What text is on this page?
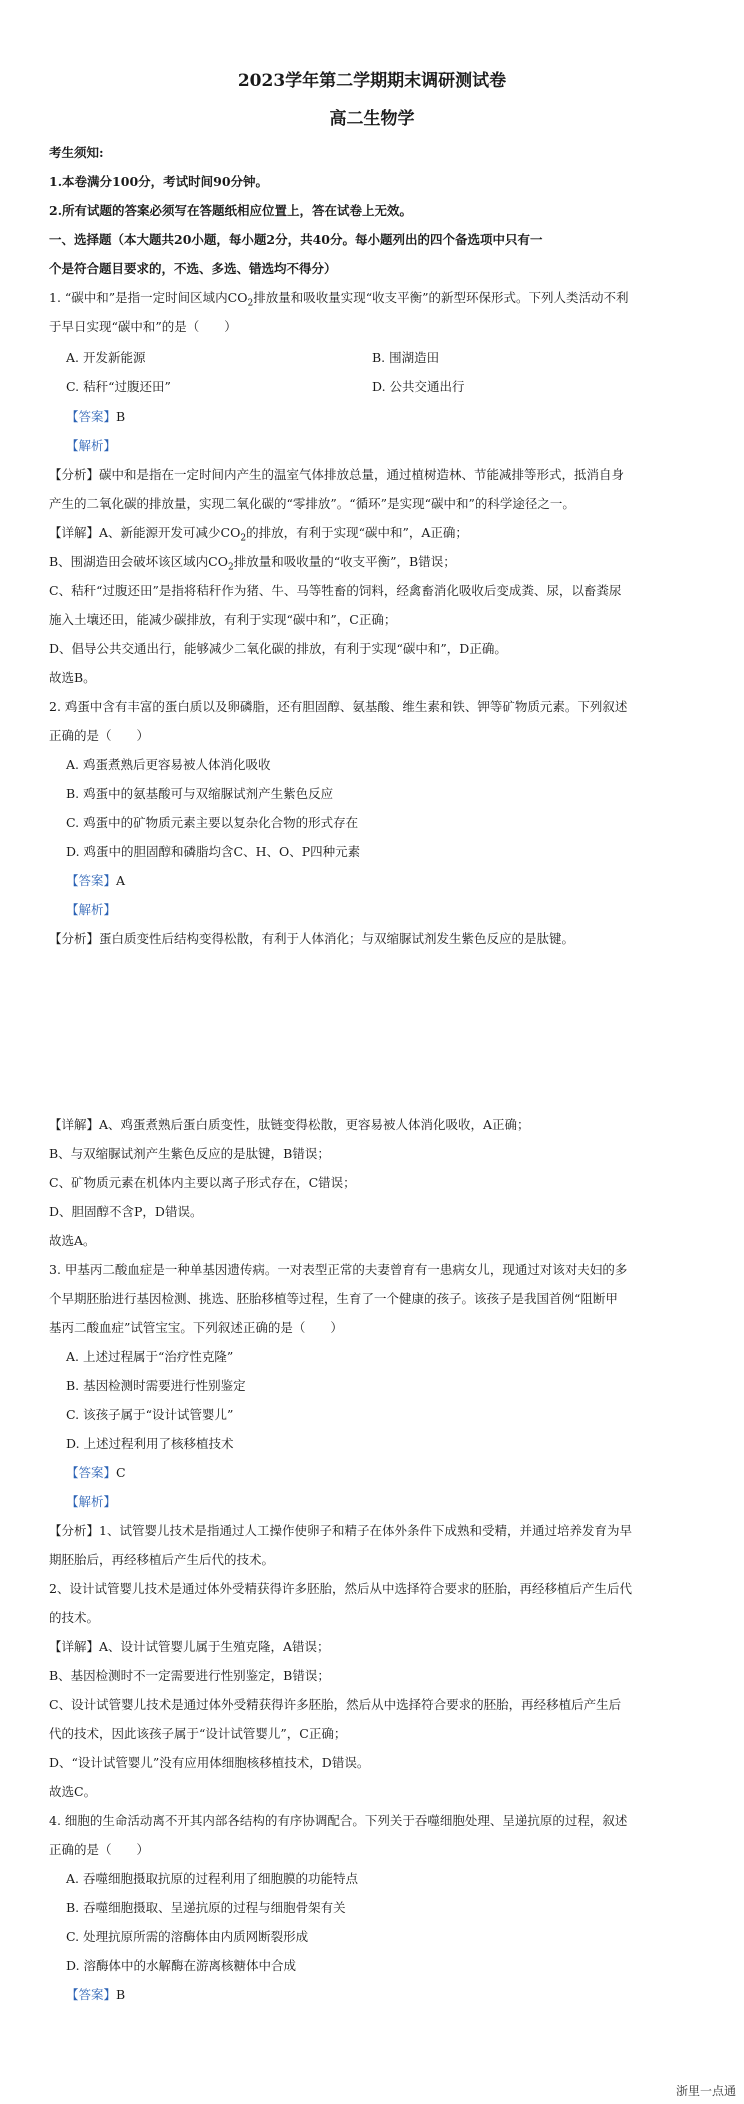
2023学年第二学期期末调研测试卷
高二生物学
考生须知:
1.本卷满分100分，考试时间90分钟。
2.所有试题的答案必须写在答题纸相应位置上，答在试卷上无效。
一、选择题（本大题共20小题，每小题2分，共40分。每小题列出的四个备选项中只有一
个是符合题目要求的，不选、多选、错选均不得分）
1. “碳中和”是指一定时间区域内$CO_2$排放量和吸收量实现“收支平衡”的新型环保形式。下列人类活动不利
于早日实现“碳中和”的是（　　）
A. 开发新能源	B. 围湖造田
C. 秸秆“过腹还田”	D. 公共交通出行
【答案】B
【解析】
【分析】碳中和是指在一定时间内产生的温室气体排放总量，通过植树造林、节能减排等形式，抵消自身
产生的二氧化碳的排放量，实现二氧化碳的“零排放”。“循环”是实现“碳中和”的科学途径之一。
【详解】A、新能源开发可减少$CO_2$的排放，有利于实现“碳中和”，A正确；
B、围湖造田会破坏该区域内$CO_2$排放量和吸收量的“收支平衡”，B错误；
C、秸秆“过腹还田”是指将秸秆作为猪、牛、马等牲畜的饲料，经禽畜消化吸收后变成粪、尿，以畜粪尿
施入土壤还田，能减少碳排放，有利于实现“碳中和”，C正确；
D、倡导公共交通出行，能够减少二氧化碳的排放，有利于实现“碳中和”，D正确。
故选B。
2. 鸡蛋中含有丰富的蛋白质以及卵磷脂，还有胆固醇、氨基酸、维生素和铁、钾等矿物质元素。下列叙述
正确的是（　　）
A. 鸡蛋煮熟后更容易被人体消化吸收
B. 鸡蛋中的氨基酸可与双缩脲试剂产生紫色反应
C. 鸡蛋中的矿物质元素主要以复杂化合物的形式存在
D. 鸡蛋中的胆固醇和磷脂均含C、H、O、P四种元素
【答案】A
【解析】
【分析】蛋白质变性后结构变得松散，有利于人体消化；与双缩脲试剂发生紫色反应的是肽键。
【详解】A、鸡蛋煮熟后蛋白质变性，肽链变得松散，更容易被人体消化吸收，A正确；
B、与双缩脲试剂产生紫色反应的是肽键，B错误；
C、矿物质元素在机体内主要以离子形式存在，C错误；
D、胆固醇不含P，D错误。
故选A。
3. 甲基丙二酸血症是一种单基因遗传病。一对表型正常的夫妻曾育有一患病女儿，现通过对该对夫妇的多
个早期胚胎进行基因检测、挑选、胚胎移植等过程，生育了一个健康的孩子。该孩子是我国首例“阻断甲
基丙二酸血症”试管宝宝。下列叙述正确的是（　　）
A. 上述过程属于“治疗性克隆”
B. 基因检测时需要进行性别鉴定
C. 该孩子属于“设计试管婴儿”
D. 上述过程利用了核移植技术
【答案】C
【解析】
【分析】1、试管婴儿技术是指通过人工操作使卵子和精子在体外条件下成熟和受精，并通过培养发育为早
期胚胎后，再经移植后产生后代的技术。
2、设计试管婴儿技术是通过体外受精获得许多胚胎，然后从中选择符合要求的胚胎，再经移植后产生后代
的技术。
【详解】A、设计试管婴儿属于生殖克隆，A错误；
B、基因检测时不一定需要进行性别鉴定，B错误；
C、设计试管婴儿技术是通过体外受精获得许多胚胎，然后从中选择符合要求的胚胎，再经移植后产生后
代的技术，因此该孩子属于“设计试管婴儿”，C正确；
D、“设计试管婴儿”没有应用体细胞核移植技术，D错误。
故选C。
4. 细胞的生命活动离不开其内部各结构的有序协调配合。下列关于吞噬细胞处理、呈递抗原的过程，叙述
正确的是（　　）
A. 吞噬细胞摄取抗原的过程利用了细胞膜的功能特点
B. 吞噬细胞摄取、呈递抗原的过程与细胞骨架有关
C. 处理抗原所需的溶酶体由内质网断裂形成
D. 溶酶体中的水解酶在游离核糖体中合成
【答案】B
浙里一点通
